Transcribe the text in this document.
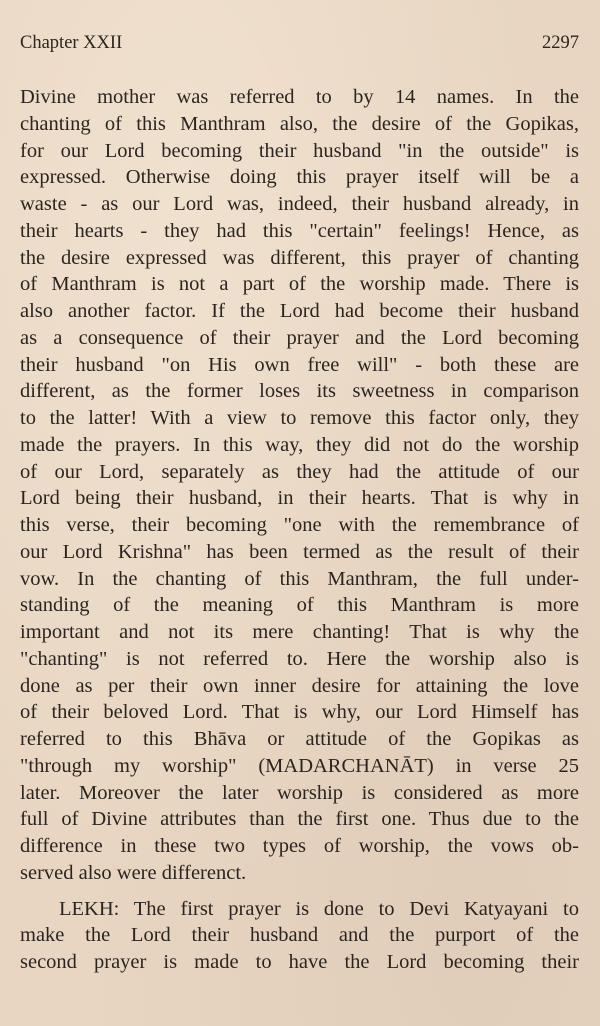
Chapter XXII	2297
Divine mother was referred to by 14 names. In the
chanting of this Manthram also, the desire of the Gopikas,
for our Lord becoming their husband "in the outside" is
expressed. Otherwise doing this prayer itself will be a
waste - as our Lord was, indeed, their husband already, in
their hearts - they had this "certain" feelings! Hence, as
the desire expressed was different, this prayer of chanting
of Manthram is not a part of the worship made. There is
also another factor. If the Lord had become their husband
as a consequence of their prayer and the Lord becoming
their husband "on His own free will" - both these are
different, as the former loses its sweetness in comparison
to the latter! With a view to remove this factor only, they
made the prayers. In this way, they did not do the worship
of our Lord, separately as they had the attitude of our
Lord being their husband, in their hearts. That is why in
this verse, their becoming "one with the remembrance of
our Lord Krishna" has been termed as the result of their
vow. In the chanting of this Manthram, the full under-
standing of the meaning of this Manthram is more
important and not its mere chanting! That is why the
"chanting" is not referred to. Here the worship also is
done as per their own inner desire for attaining the love
of their beloved Lord. That is why, our Lord Himself has
referred to this Bhāva or attitude of the Gopikas as
"through my worship" (MADARCHANĀT) in verse 25
later. Moreover the later worship is considered as more
full of Divine attributes than the first one. Thus due to the
difference in these two types of worship, the vows ob-
served also were differenct.
LEKH: The first prayer is done to Devi Katyayani to
make the Lord their husband and the purport of the
second prayer is made to have the Lord becoming their
